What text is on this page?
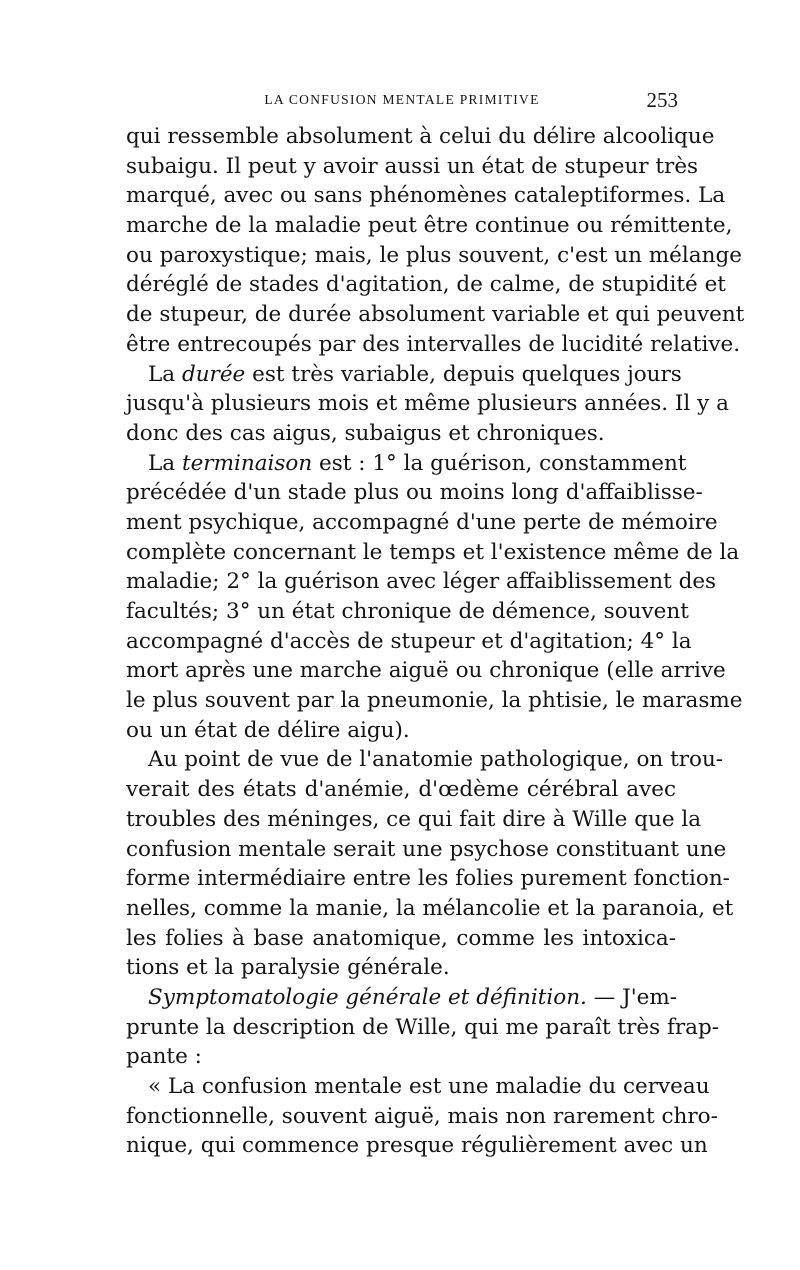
LA CONFUSION MENTALE PRIMITIVE	253
qui ressemble absolument à celui du délire alcoolique
subaigu. Il peut y avoir aussi un état de stupeur très
marqué, avec ou sans phénomènes cataleptiformes. La
marche de la maladie peut être continue ou rémittente,
ou paroxystique; mais, le plus souvent, c'est un mélange
déréglé de stades d'agitation, de calme, de stupidité et
de stupeur, de durée absolument variable et qui peuvent
être entrecoupés par des intervalles de lucidité relative.
La durée est très variable, depuis quelques jours
jusqu'à plusieurs mois et même plusieurs années. Il y a
donc des cas aigus, subaigus et chroniques.
La terminaison est : 1° la guérison, constamment
précédée d'un stade plus ou moins long d'affaiblisse-
ment psychique, accompagné d'une perte de mémoire
complète concernant le temps et l'existence même de la
maladie; 2° la guérison avec léger affaiblissement des
facultés; 3° un état chronique de démence, souvent
accompagné d'accès de stupeur et d'agitation; 4° la
mort après une marche aiguë ou chronique (elle arrive
le plus souvent par la pneumonie, la phtisie, le marasme
ou un état de délire aigu).
Au point de vue de l'anatomie pathologique, on trou-
verait des états d'anémie, d'œdème cérébral avec
troubles des méninges, ce qui fait dire à Wille que la
confusion mentale serait une psychose constituant une
forme intermédiaire entre les folies purement fonction-
nelles, comme la manie, la mélancolie et la paranoia, et
les folies à base anatomique, comme les intoxica-
tions et la paralysie générale.
Symptomatologie générale et définition. — J'em-
prunte la description de Wille, qui me paraît très frap-
pante :
« La confusion mentale est une maladie du cerveau
fonctionnelle, souvent aiguë, mais non rarement chro-
nique, qui commence presque régulièrement avec un
